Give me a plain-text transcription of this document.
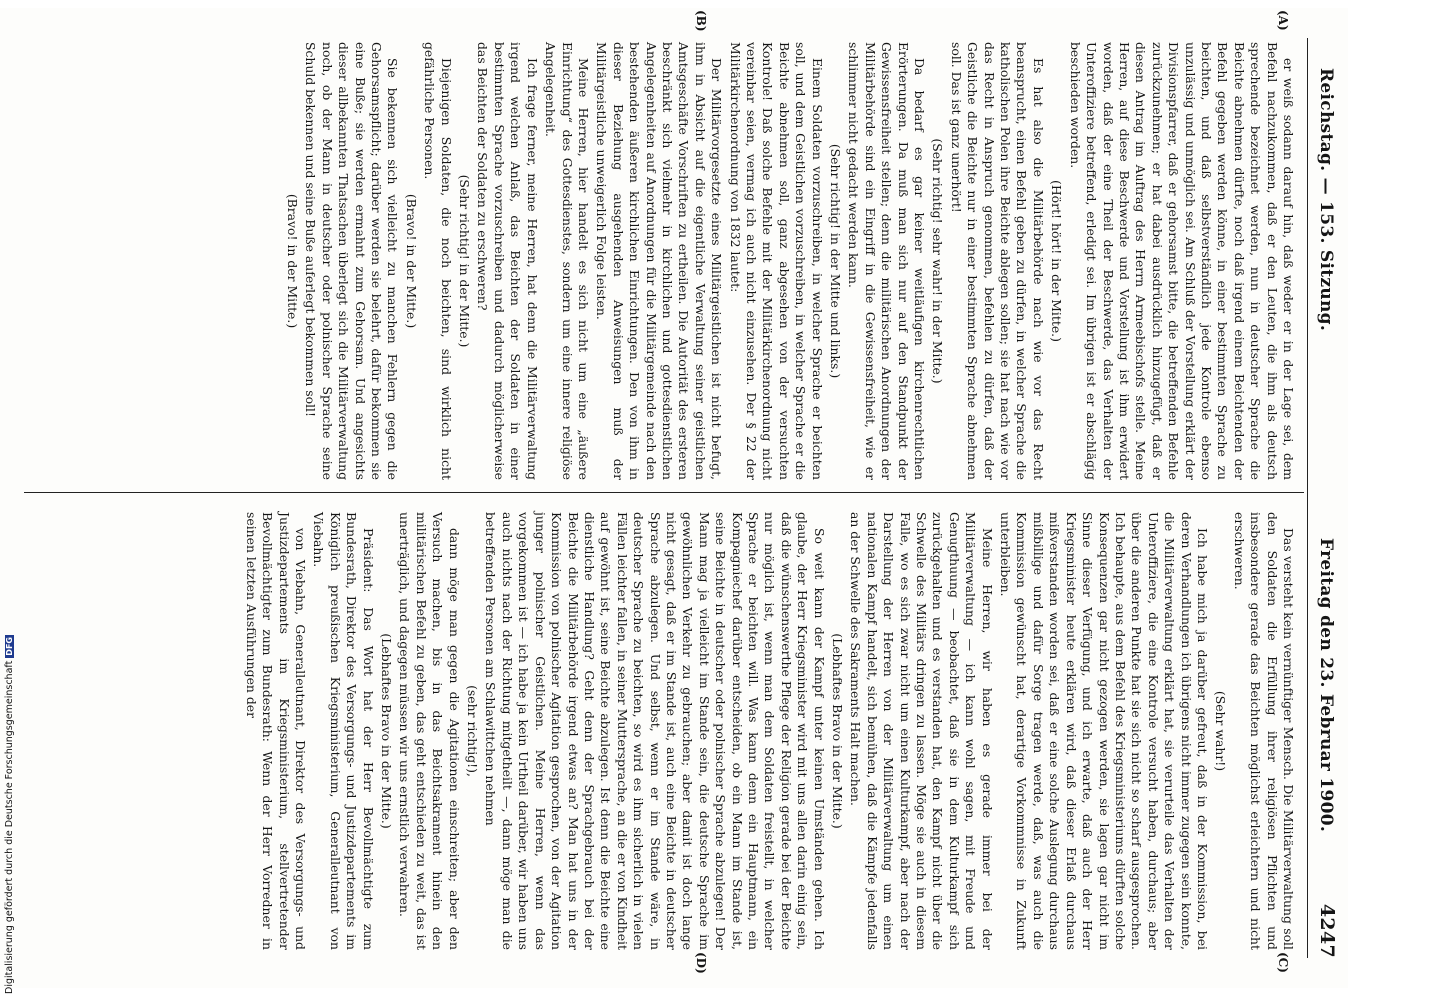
Reichstag. — 153. Sitzung.
4247
Freitag den 23. Februar 1900.
(A)
(B)
(C)
(D)

er weiß sodann darauf hin, daß weder er in der Lage sei, dem Befehl nachzukommen, daß er den Leuten, die ihm als deutsch sprechende bezeichnet werden, nun in deutscher Sprache die Beichte abnehmen dürfte, noch daß irgend einem Beichtenden der Befehl gegeben werden könne, in einer bestimmten Sprache zu beichten, und daß selbstverständlich jede Kontrole ebenso unzulässig und unmöglich sei. Am Schluß der Vorstellung erklärt der Divisionspfarrer, daß er gehorsamst bitte, die betreffenden Befehle zurückzunehmen; er hat dabei ausdrücklich hinzugefügt, daß er diesen Antrag im Auftrag des Herrn Armeebischofs stelle. Meine Herren, auf diese Beschwerde und Vorstellung ist ihm erwidert worden, daß der eine Theil der Beschwerde, das Verhalten der Unteroffiziere betreffend, erledigt sei. Im übrigen ist er abschlägig beschieden worden.

(Hört! hört! in der Mitte.)

Es hat also die Militärbehörde nach wie vor das Recht beansprucht, einen Befehl geben zu dürfen, in welcher Sprache die katholischen Polen ihre Beichte ablegen sollen; sie hat nach wie vor das Recht in Anspruch genommen, befehlen zu dürfen, daß der Geistliche die Beichte nur in einer bestimmten Sprache abnehmen soll. Das ist ganz unerhört!

(Sehr richtig! sehr wahr! in der Mitte.)

Da bedarf es gar keiner weitläufigen kirchenrechtlichen Erörterungen. Da muß man sich nur auf den Standpunkt der Gewissensfreiheit stellen; denn die militärischen Anordnungen der Militärbehörde sind ein Eingriff in die Gewissensfreiheit, wie er schlimmer nicht gedacht werden kann.

(Sehr richtig! in der Mitte und links.)

Einem Soldaten vorzuschreiben, in welcher Sprache er beichten soll, und dem Geistlichen vorzuschreiben, in welcher Sprache er die Beichte abnehmen soll, ganz abgesehen von der versuchten Kontrole! Daß solche Befehle mit der Militärkirchenordnung nicht vereinbar seien, vermag ich auch nicht einzusehen. Der § 22 der Militärkirchenordnung von 1832 lautet:

Der Militärvorgesetzte eines Militärgeistlichen ist nicht befugt, ihm in Absicht auf die eigentliche Verwaltung seiner geistlichen Amtsgeschäfte Vorschriften zu ertheilen. Die Autorität des ersteren beschränkt sich vielmehr in kirchlichen und gottesdienstlichen Angelegenheiten auf Anordnungen für die Militärgemeinde nach den bestehenden äußeren kirchlichen Einrichtungen. Den von ihm in dieser Beziehung ausgehenden Anweisungen muß der Militärgeistliche unweigerlich Folge leisten.

Meine Herren, hier handelt es sich nicht um eine „äußere Einrichtung“ des Gottesdienstes, sondern um eine innere religiöse Angelegenheit.

Ich frage ferner, meine Herren, hat denn die Militärverwaltung irgend welchen Anlaß, das Beichten der Soldaten in einer bestimmten Sprache vorzuschreiben und dadurch möglicherweise das Beichten der Soldaten zu erschweren?

(Sehr richtig! in der Mitte.)

Diejenigen Soldaten, die noch beichten, sind wirklich nicht gefährliche Personen.

(Bravo! in der Mitte.)

Sie bekennen sich vielleicht zu manchen Fehlern gegen die Gehorsamspflicht; darüber werden sie belehrt, dafür bekommen sie eine Buße; sie werden ermahnt zum Gehorsam. Und angesichts dieser allbekannten Thatsachen überlegt sich die Militärverwaltung noch, ob der Mann in deutscher oder polnischer Sprache seine Schuld bekennen und seine Buße auferlegt bekommen soll!

(Bravo! in der Mitte.)

Das versteht kein vernünftiger Mensch. Die Militärverwaltung soll den Soldaten die Erfüllung ihrer religiösen Pflichten und insbesondere gerade das Beichten möglichst erleichtern und nicht erschweren.

(Sehr wahr!)

Ich habe mich ja darüber gefreut, daß in der Kommission, bei deren Verhandlungen ich übrigens nicht immer zugegen sein konnte, die Militärverwaltung erklärt hat, sie verurteile das Verhalten der Unteroffiziere, die eine Kontrole versucht haben, durchaus; aber über die anderen Punkte hat sie sich nicht so scharf ausgesprochen. Ich behaupte, aus dem Befehl des Kriegsministeriums dürften solche Konsequenzen gar nicht gezogen werden, sie lagen gar nicht im Sinne dieser Verfügung, und ich erwarte, daß auch der Herr Kriegsminister heute erklären wird, daß dieser Erlaß durchaus mißverstanden worden sei, daß er eine solche Auslegung durchaus mißbillige und dafür Sorge tragen werde, daß, was auch die Kommission gewünscht hat, derartige Vorkommnisse in Zukunft unterbleiben.

Meine Herren, wir haben es gerade immer bei der Militärverwaltung — ich kann wohl sagen, mit Freude und Genugthuung — beobachtet, daß sie in dem Kulturkampf sich zurückgehalten und es verstanden hat, den Kampf nicht über die Schwelle des Militärs dringen zu lassen. Möge sie auch in diesem Falle, wo es sich zwar nicht um einen Kulturkampf, aber nach der Darstellung der Herren von der Militärverwaltung um einen nationalen Kampf handelt, sich bemühen, daß die Kämpfe jedenfalls an der Schwelle des Sakraments Halt machen.

(Lebhaftes Bravo in der Mitte.)

So weit kann der Kampf unter keinen Umständen gehen. Ich glaube, der Herr Kriegsminister wird mit uns allen darin einig sein, daß die wünschenswerthe Pflege der Religion gerade bei der Beichte nur möglich ist, wenn man dem Soldaten freistellt, in welcher Sprache er beichten will. Was kann denn ein Hauptmann, ein Kompagniechef darüber entscheiden, ob ein Mann im Stande ist, seine Beichte in deutscher oder polnischer Sprache abzulegen! Der Mann mag ja vielleicht im Stande sein, die deutsche Sprache im gewöhnlichen Verkehr zu gebrauchen; aber damit ist doch lange nicht gesagt, daß er im Stande ist, auch eine Beichte in deutscher Sprache abzulegen. Und selbst, wenn er im Stande wäre, in deutscher Sprache zu beichten, so wird es ihm sicherlich in vielen Fällen leichter fallen, in seiner Muttersprache, an die er von Kindheit auf gewöhnt ist, seine Beichte abzulegen. Ist denn die Beichte eine dienstliche Handlung? Geht denn der Sprachgebrauch bei der Beichte die Militärbehörde irgend etwas an? Man hat uns in der Kommission von polnischer Agitation gesprochen, von der Agitation junger polnischer Geistlichen. Meine Herren, wenn das vorgekommen ist — ich habe ja kein Urtheil darüber, wir haben uns auch nichts nach der Richtung mitgetheilt —, dann möge man die betreffenden Personen am Schlawittchen nehmen

(sehr richtig!),

dann möge man gegen die Agitationen einschreiten; aber den Versuch machen, bis in das Beichtsakrament hinein den militärischen Befehl zu geben, das geht entschieden zu weit, das ist unerträglich, und dagegen müssen wir uns ernstlich verwahren.

(Lebhaftes Bravo in der Mitte.)

Präsident: Das Wort hat der Herr Bevollmächtigte zum Bundesrath, Direktor des Versorgungs- und Justizdepartements im Königlich preußischen Kriegsministerium, Generalleutnant von Viebahn.

von Viebahn, Generalleutnant, Direktor des Versorgungs- und Justizdepartements im Kriegsministerium, stellvertretender Bevollmächtigter zum Bundesrath: Wenn der Herr Vorredner in seinen letzten Ausführungen der

Digitalisierung gefördert durch die Deutsche ForschungsgemeinschaftDFG
